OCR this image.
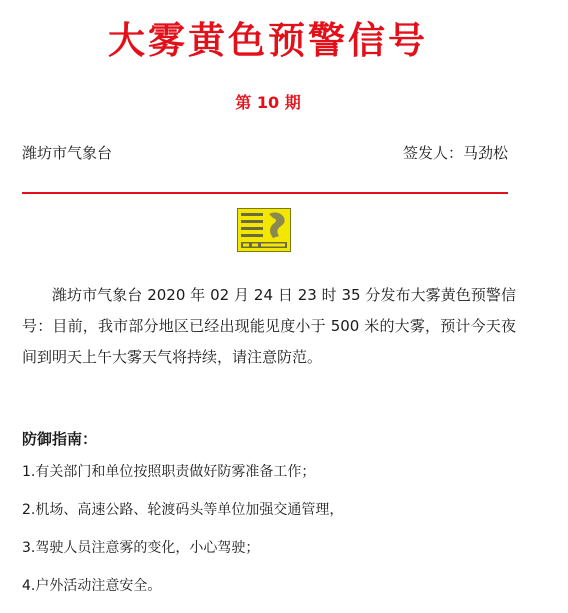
大雾黄色预警信号
第 10 期
潍坊市气象台	签发人：马劲松
潍坊市气象台 2020 年 02 月 24 日 23 时 35 分发布大雾黄色预警信号：目前，我市部分地区已经出现能见度小于 500 米的大雾，预计今天夜间到明天上午大雾天气将持续，请注意防范。
防御指南：
1.有关部门和单位按照职责做好防雾准备工作；
2.机场、高速公路、轮渡码头等单位加强交通管理，
3.驾驶人员注意雾的变化，小心驾驶；
4.户外活动注意安全。
